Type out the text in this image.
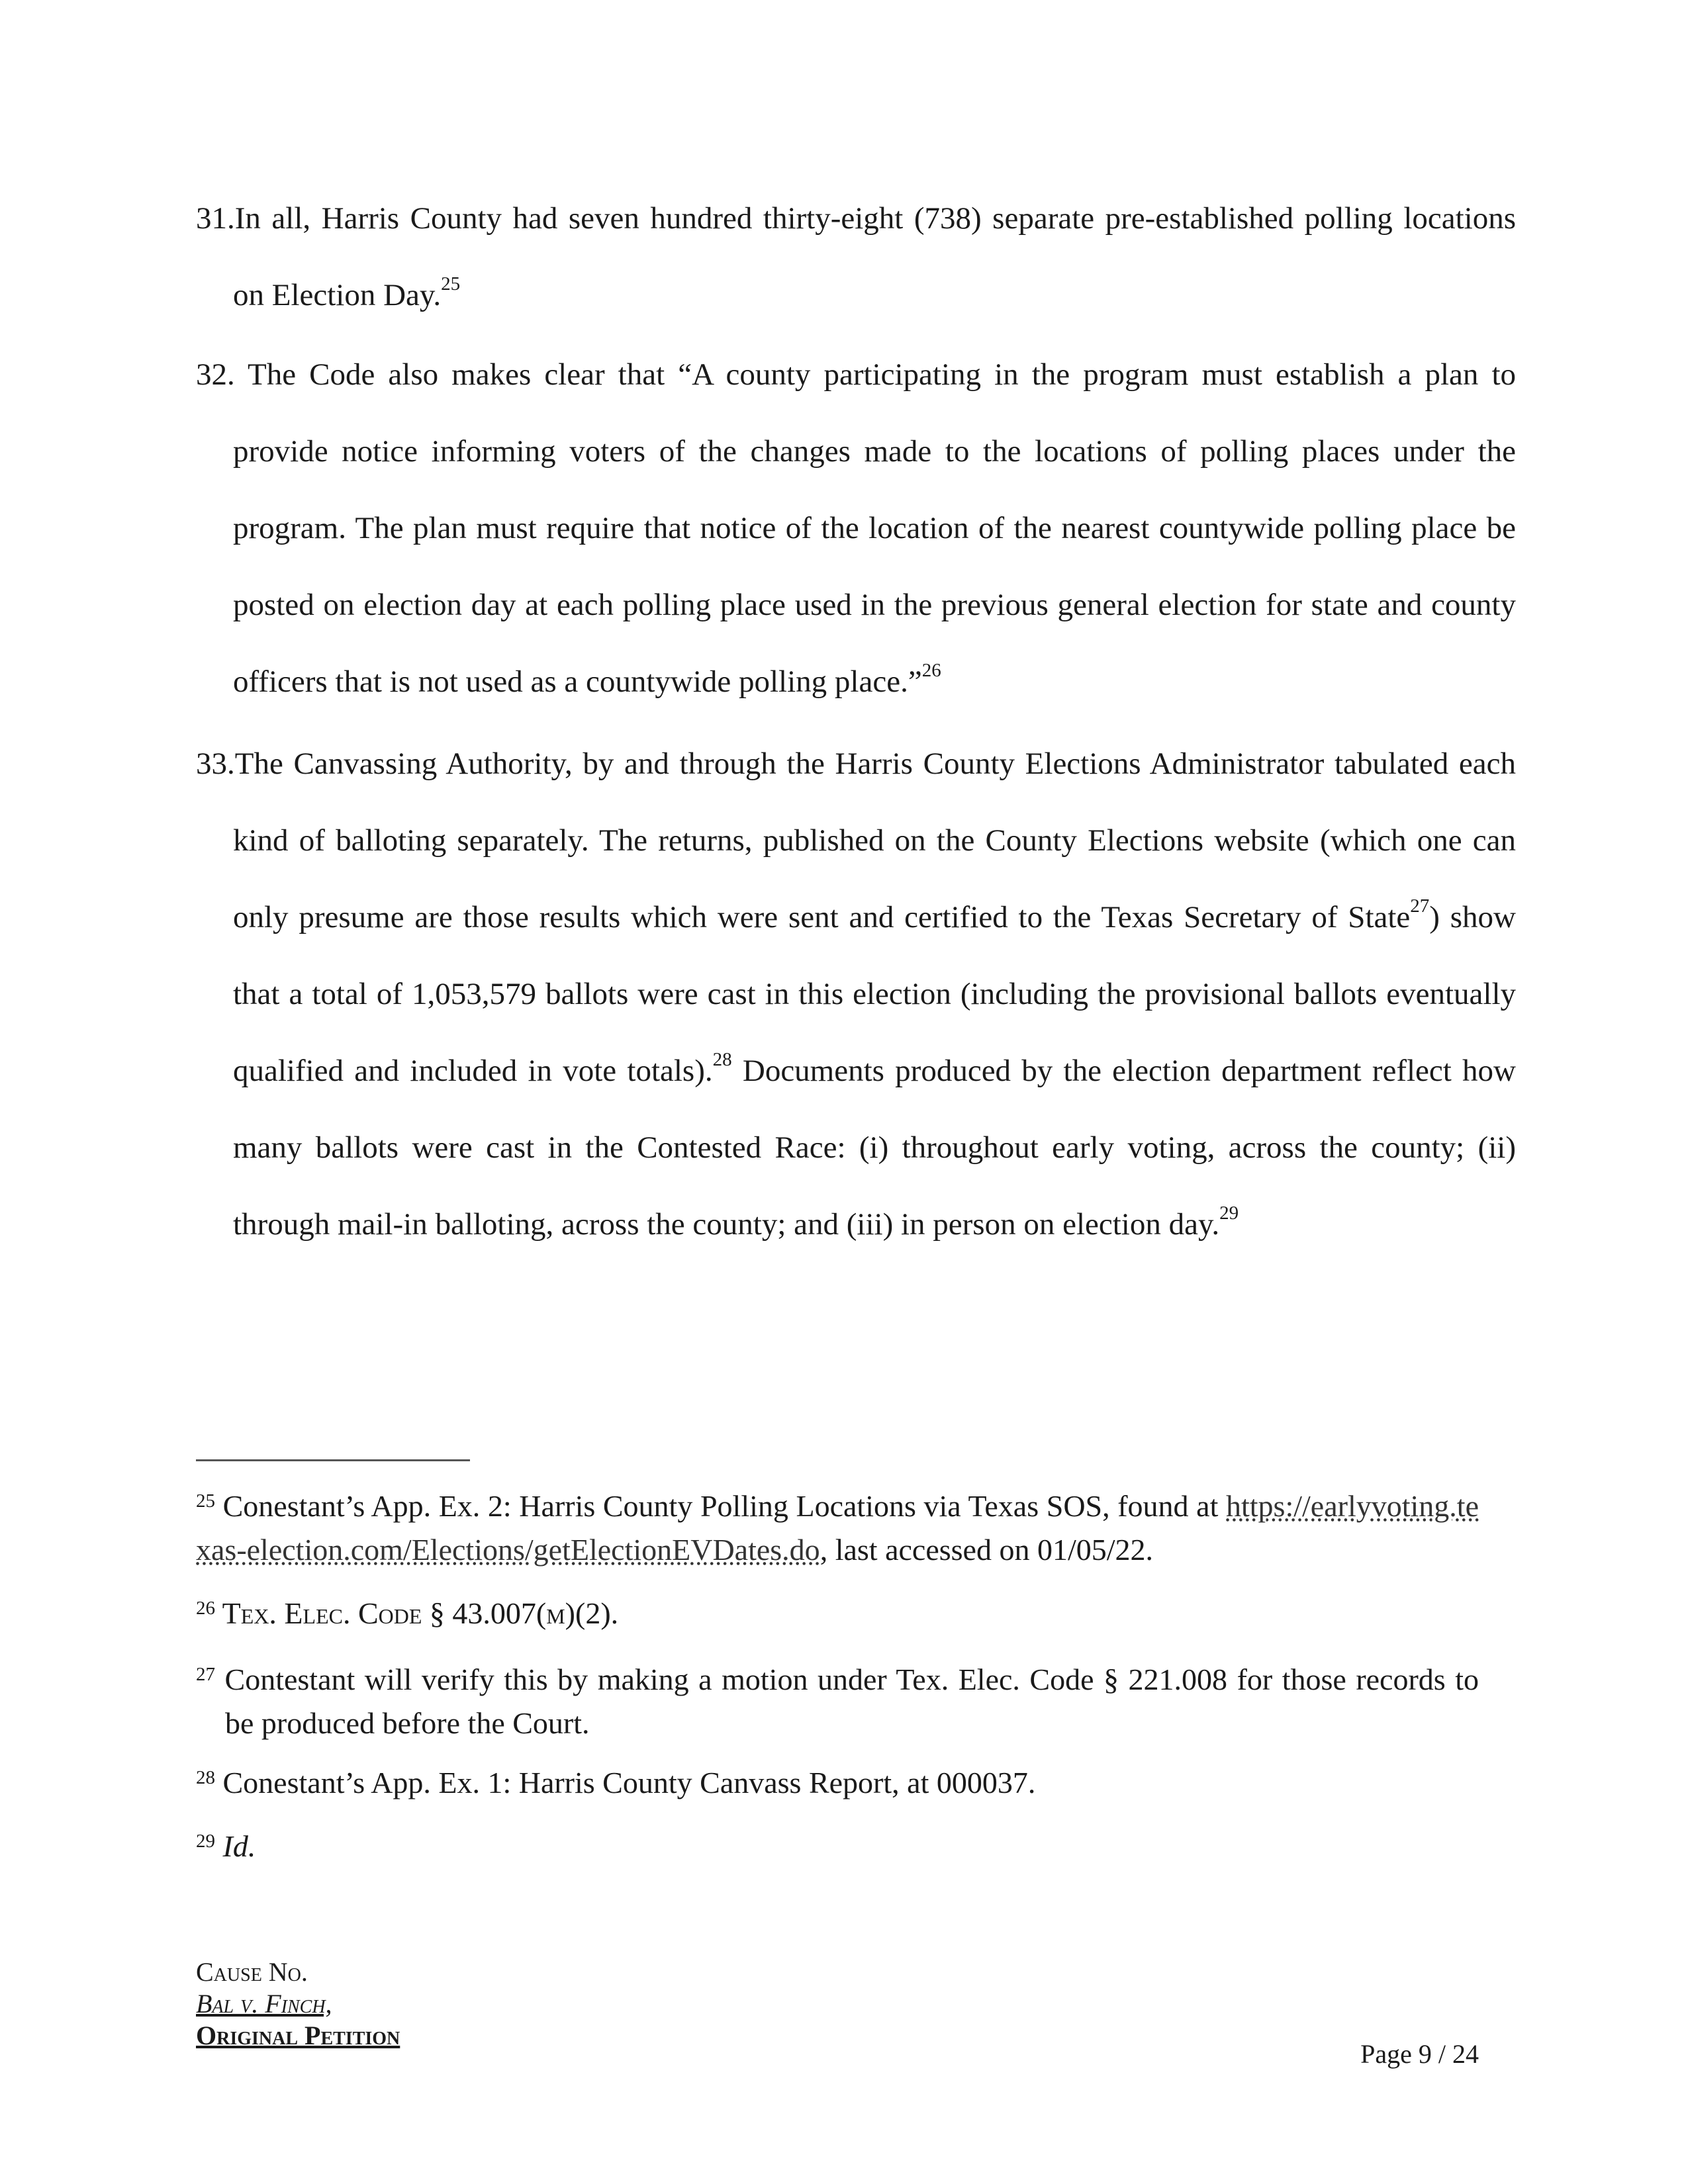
31.In all, Harris County had seven hundred thirty-eight (738) separate pre-established polling locations on Election Day.$^{25}$
32. The Code also makes clear that “A county participating in the program must establish a plan to provide notice informing voters of the changes made to the locations of polling places under the program. The plan must require that notice of the location of the nearest countywide polling place be posted on election day at each polling place used in the previous general election for state and county officers that is not used as a countywide polling place.”$^{26}$
33.The Canvassing Authority, by and through the Harris County Elections Administrator tabulated each kind of balloting separately. The returns, published on the County Elections website (which one can only presume are those results which were sent and certified to the Texas Secretary of State$^{27}$) show that a total of 1,053,579 ballots were cast in this election (including the provisional ballots eventually qualified and included in vote totals).$^{28}$ Documents produced by the election department reflect how many ballots were cast in the Contested Race: (i) throughout early voting, across the county; (ii) through mail-in balloting, across the county; and (iii) in person on election day.$^{29}$
$^{25}$ Conestant’s App. Ex. 2: Harris County Polling Locations via Texas SOS, found at https://earlyvoting.texas-election.com/Elections/getElectionEVDates.do, last accessed on 01/05/22.
$^{26}$ Tex. Elec. Code § 43.007(m)(2).
$^{27}$ Contestant will verify this by making a motion under Tex. Elec. Code § 221.008 for those records to be produced before the Court.
$^{28}$ Conestant’s App. Ex. 1: Harris County Canvass Report, at 000037.
$^{29}$ Id.
Cause No.
Bal v. Finch,
Original Petition
Page 9 / 24
